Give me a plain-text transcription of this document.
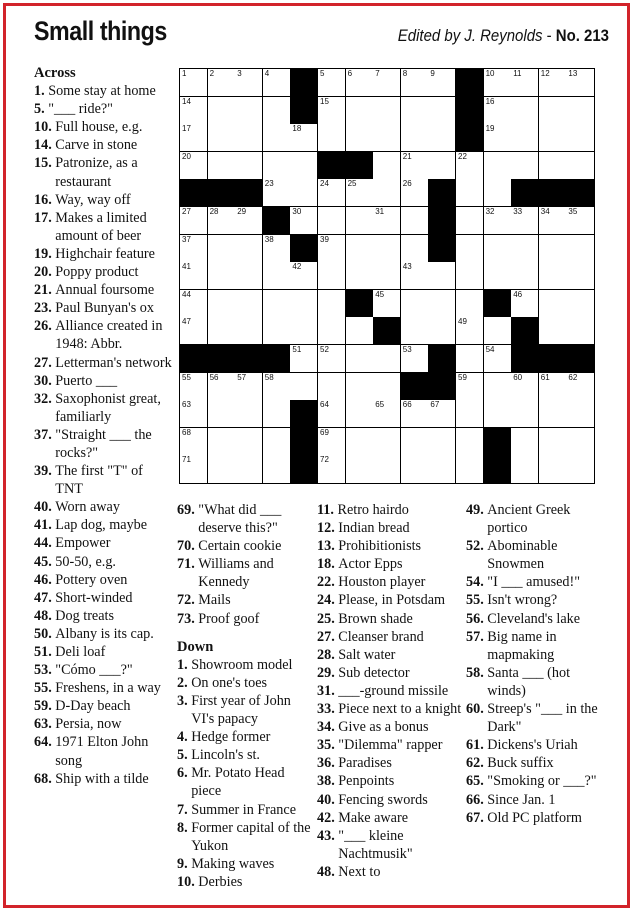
Small things	Edited by J. Reynolds - No. 213
1	2	3	4	5	6	7	8	9	10 11 12 13
14	15	16
17	18	19
20	21	22
23	24 25	26
27 28 29	30	31	32 33 34 35
37	38	39
41	42	43
44	45	46
47	49
51 52	53	54
55 56 57 58	59	60 61 62
63	64	65 66 67
68	69
71	72
Across
1. Some stay at home
5. "___ ride?"
10. Full house, e.g.
14. Carve in stone
15. Patronize, as a restaurant
16. Way, way off
17. Makes a limited amount of beer
19. Highchair feature
20. Poppy product
21. Annual foursome
23. Paul Bunyan's ox
26. Alliance created in 1948: Abbr.
27. Letterman's network
30. Puerto ___
32. Saxophonist great, familiarly
37. "Straight ___ the rocks?"
39. The first "T" of TNT
40. Worn away
41. Lap dog, maybe
44. Empower
45. 50-50, e.g.
46. Pottery oven
47. Short-winded
48. Dog treats
50. Albany is its cap.
51. Deli loaf
53. "Cómo ___?"
55. Freshens, in a way
59. D-Day beach
63. Persia, now
64. 1971 Elton John song
68. Ship with a tilde
69. "What did ___ deserve this?"
70. Certain cookie
71. Williams and Kennedy
72. Mails
73. Proof goof
Down
1. Showroom model
2. On one's toes
3. First year of John VI's papacy
4. Hedge former
5. Lincoln's st.
6. Mr. Potato Head piece
7. Summer in France
8. Former capital of the Yukon
9. Making waves
10. Derbies
11. Retro hairdo
12. Indian bread
13. Prohibitionists
18. Actor Epps
22. Houston player
24. Please, in Potsdam
25. Brown shade
27. Cleanser brand
28. Salt water
29. Sub detector
31. ___-ground missile
33. Piece next to a knight
34. Give as a bonus
35. "Dilemma" rapper
36. Paradises
38. Penpoints
40. Fencing swords
42. Make aware
43. "___ kleine Nachtmusik"
48. Next to
49. Ancient Greek portico
52. Abominable Snowmen
54. "I ___ amused!"
55. Isn't wrong?
56. Cleveland's lake
57. Big name in mapmaking
58. Santa ___ (hot winds)
60. Streep's "___ in the Dark"
61. Dickens's Uriah
62. Buck suffix
65. "Smoking or ___?"
66. Since Jan. 1
67. Old PC platform
